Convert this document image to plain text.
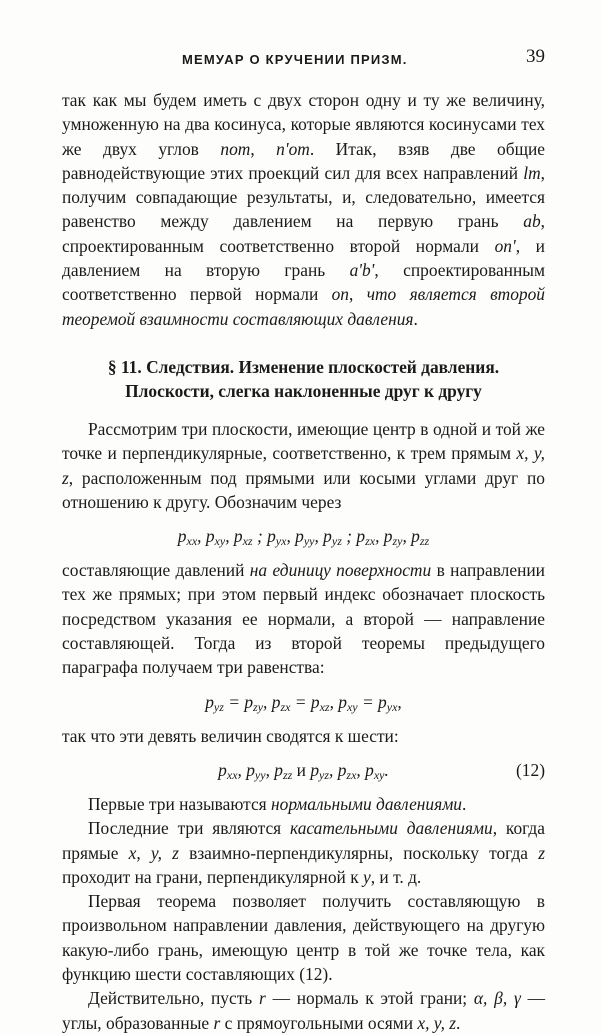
МЕМУАР О КРУЧЕНИИ ПРИЗМ.	39

так как мы будем иметь с двух сторон одну и ту же величину, умноженную на два косинуса, которые являются косинусами тех же двух углов nom, n'om. Итак, взяв две общие равнодействующие этих проекций сил для всех направлений lm, получим совпадающие результаты, и, следовательно, имеется равенство между давлением на первую грань ab, спроектированным соответственно второй нормали on', и давлением на вторую грань a'b', спроектированным соответственно первой нормали on, что является второй теоремой взаимности составляющих давления.

§ 11. Следствия. Изменение плоскостей давления.
Плоскости, слегка наклоненные друг к другу

Рассмотрим три плоскости, имеющие центр в одной и той же точке и перпендикулярные, соответственно, к трем прямым x, y, z, расположенным под прямыми или косыми углами друг по отношению к другу. Обозначим через

$p_{xx}$, $p_{xy}$, $p_{xz}$ ; $p_{yx}$, $p_{yy}$, $p_{yz}$ ; $p_{zx}$, $p_{zy}$, $p_{zz}$

составляющие давлений на единицу поверхности в направлении тех же прямых; при этом первый индекс обозначает плоскость посредством указания ее нормали, а второй — направление составляющей. Тогда из второй теоремы предыдущего параграфа получаем три равенства:

$p_{yz} = p_{zy}$, $p_{zx} = p_{xz}$, $p_{xy} = p_{yx}$,

так что эти девять величин сводятся к шести:

$p_{xx}$, $p_{yy}$, $p_{zz}$ и $p_{yz}$, $p_{zx}$, $p_{xy}$.	(12)

Первые три называются нормальными давлениями.

Последние три являются касательными давлениями, когда прямые x, y, z взаимно-перпендикулярны, поскольку тогда z проходит на грани, перпендикулярной к y, и т. д.

Первая теорема позволяет получить составляющую в произвольном направлении давления, действующего на другую какую-либо грань, имеющую центр в той же точке тела, как функцию шести составляющих (12).

Действительно, пусть r — нормаль к этой грани; α, β, γ — углы, образованные r с прямоугольными осями x, y, z.
